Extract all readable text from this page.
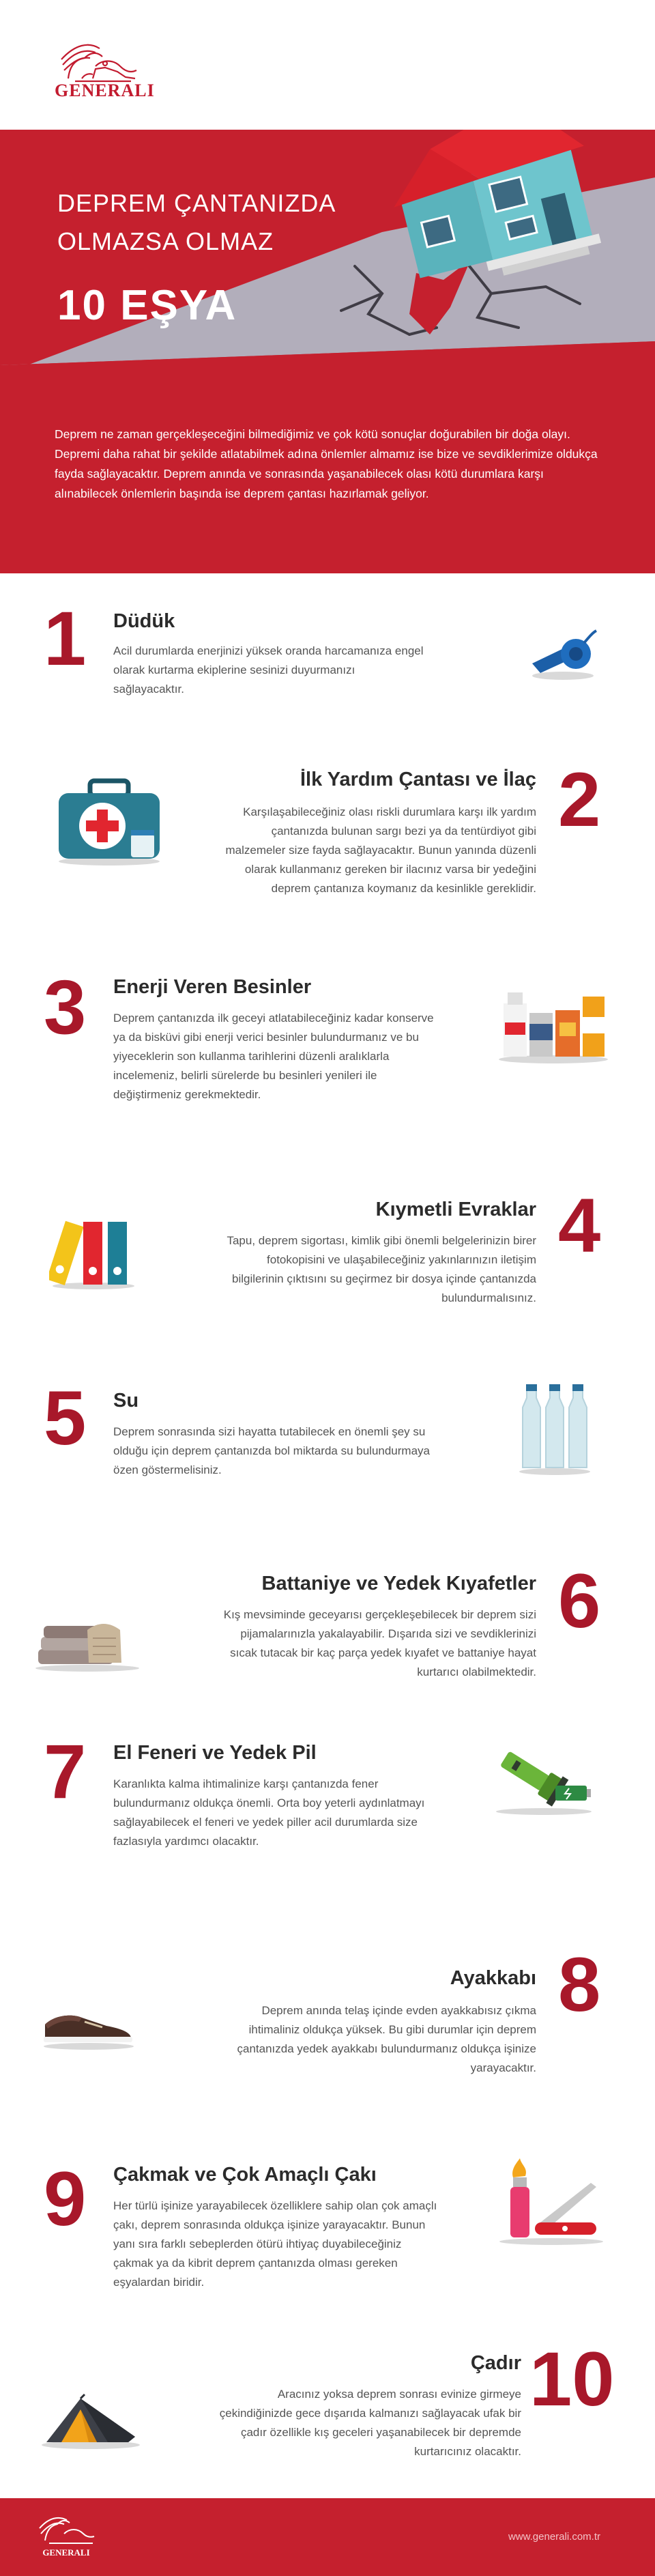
GENERALI
DEPREM ÇANTANIZDA
OLMAZSA OLMAZ
10 EŞYA
Deprem ne zaman gerçekleşeceğini bilmediğimiz ve çok kötü sonuçlar doğurabilen bir doğa olayı. Depremi daha rahat bir şekilde atlatabilmek adına önlemler almamız ise bize ve sevdiklerimize oldukça fayda sağlayacaktır. Deprem anında ve sonrasında yaşanabilecek olası kötü durumlara karşı alınabilecek önlemlerin başında ise deprem çantası hazırlamak geliyor.
1 Düdük
Acil durumlarda enerjinizi yüksek oranda harcamanıza engel olarak kurtarma ekiplerine sesinizi duyurmanızı sağlayacaktır.
2
İlk Yardım Çantası ve İlaç
Karşılaşabileceğiniz olası riskli durumlara karşı ilk yardım çantanızda bulunan sargı bezi ya da tentürdiyot gibi malzemeler size fayda sağlayacaktır. Bunun yanında düzenli olarak kullanmanız gereken bir ilacınız varsa bir yedeğini deprem çantanıza koymanız da kesinlikle gereklidir.
3 Enerji Veren Besinler
Deprem çantanızda ilk geceyi atlatabileceğiniz kadar konserve ya da bisküvi gibi enerji verici besinler bulundurmanız ve bu yiyeceklerin son kullanma tarihlerini düzenli aralıklarla incelemeniz, belirli sürelerde bu besinleri yenileri ile değiştirmeniz gerekmektedir.
4
Kıymetli Evraklar
Tapu, deprem sigortası, kimlik gibi önemli belgelerinizin birer fotokopisini ve ulaşabileceğiniz yakınlarınızın iletişim bilgilerinin çıktısını su geçirmez bir dosya içinde çantanızda bulundurmalısınız.
5 Su
Deprem sonrasında sizi hayatta tutabilecek en önemli şey su olduğu için deprem çantanızda bol miktarda su bulundurmaya özen göstermelisiniz.
6
Battaniye ve Yedek Kıyafetler
Kış mevsiminde geceyarısı gerçekleşebilecek bir deprem sizi pijamalarınızla yakalayabilir. Dışarıda sizi ve sevdiklerinizi sıcak tutacak bir kaç parça yedek kıyafet ve battaniye hayat kurtarıcı olabilmektedir.
7 El Feneri ve Yedek Pil
Karanlıkta kalma ihtimalinize karşı çantanızda fener bulundurmanız oldukça önemli. Orta boy yeterli aydınlatmayı sağlayabilecek el feneri ve yedek piller acil durumlarda size fazlasıyla yardımcı olacaktır.
8
Ayakkabı
Deprem anında telaş içinde evden ayakkabısız çıkma ihtimaliniz oldukça yüksek. Bu gibi durumlar için deprem çantanızda yedek ayakkabı bulundurmanız oldukça işinize yarayacaktır.
9 Çakmak ve Çok Amaçlı Çakı
Her türlü işinize yarayabilecek özelliklere sahip olan çok amaçlı çakı, deprem sonrasında oldukça işinize yarayacaktır. Bunun yanı sıra farklı sebeplerden ötürü ihtiyaç duyabileceğiniz çakmak ya da kibrit deprem çantanızda olması gereken eşyalardan biridir.
10
Çadır
Aracınız yoksa deprem sonrası evinize girmeye çekindiğinizde gece dışarıda kalmanızı sağlayacak ufak bir çadır özellikle kış geceleri yaşanabilecek bir depremde kurtarıcınız olacaktır.
GENERALI
www.generali.com.tr
